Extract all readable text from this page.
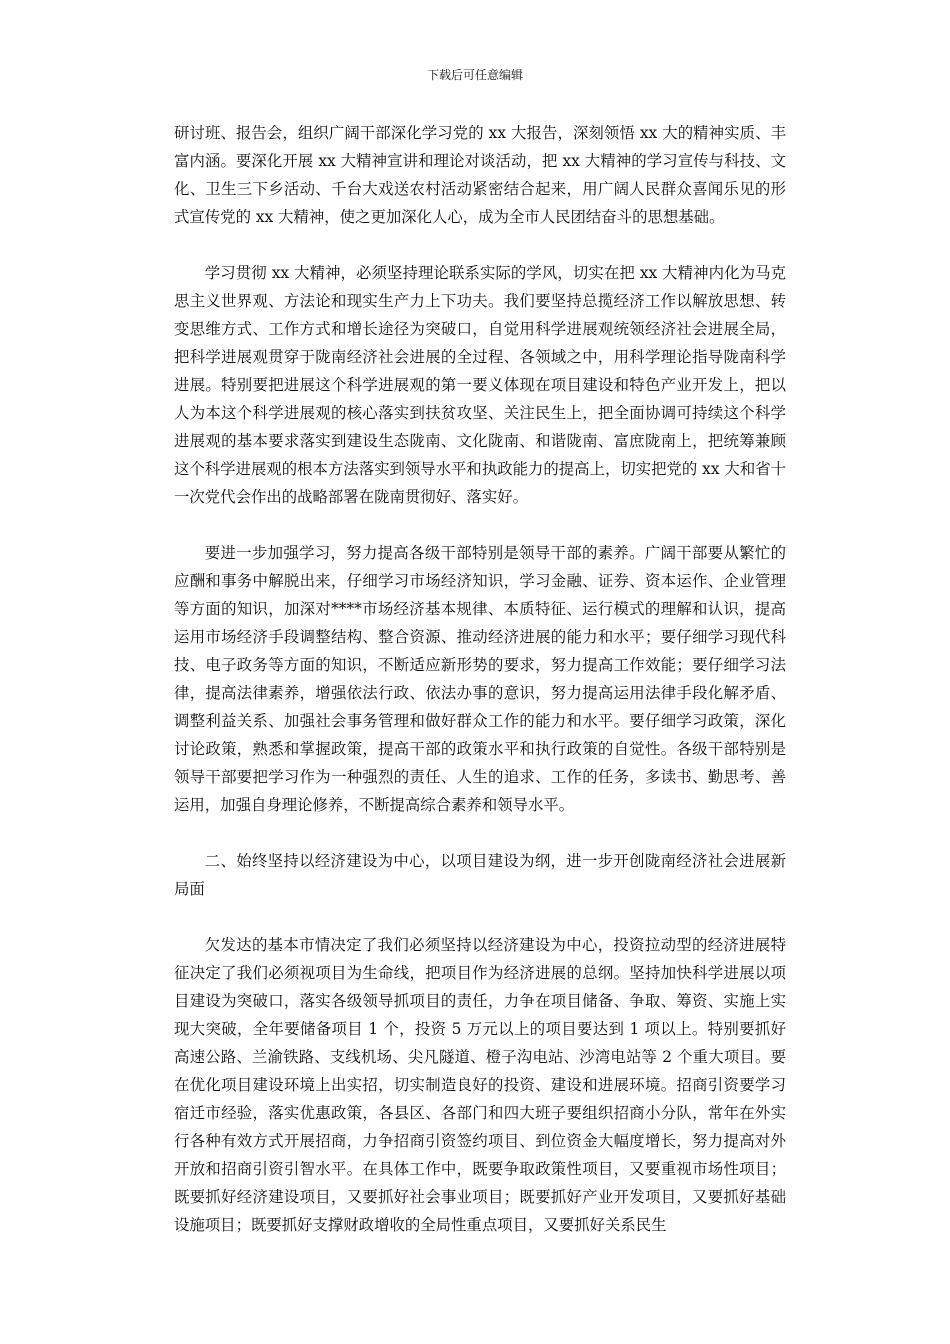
下载后可任意编辑

研讨班、报告会，组织广阔干部深化学习党的 xx 大报告，深刻领悟 xx 大的精神实质、丰富内涵。要深化开展 xx 大精神宣讲和理论对谈活动，把 xx 大精神的学习宣传与科技、文化、卫生三下乡活动、千台大戏送农村活动紧密结合起来，用广阔人民群众喜闻乐见的形式宣传党的 xx 大精神，使之更加深化人心，成为全市人民团结奋斗的思想基础。

学习贯彻 xx 大精神，必须坚持理论联系实际的学风，切实在把 xx 大精神内化为马克思主义世界观、方法论和现实生产力上下功夫。我们要坚持总揽经济工作以解放思想、转变思维方式、工作方式和增长途径为突破口，自觉用科学进展观统领经济社会进展全局，把科学进展观贯穿于陇南经济社会进展的全过程、各领域之中，用科学理论指导陇南科学进展。特别要把进展这个科学进展观的第一要义体现在项目建设和特色产业开发上，把以人为本这个科学进展观的核心落实到扶贫攻坚、关注民生上，把全面协调可持续这个科学进展观的基本要求落实到建设生态陇南、文化陇南、和谐陇南、富庶陇南上，把统筹兼顾这个科学进展观的根本方法落实到领导水平和执政能力的提高上，切实把党的 xx 大和省十一次党代会作出的战略部署在陇南贯彻好、落实好。

要进一步加强学习，努力提高各级干部特别是领导干部的素养。广阔干部要从繁忙的应酬和事务中解脱出来，仔细学习市场经济知识，学习金融、证券、资本运作、企业管理等方面的知识，加深对****市场经济基本规律、本质特征、运行模式的理解和认识，提高运用市场经济手段调整结构、整合资源、推动经济进展的能力和水平；要仔细学习现代科技、电子政务等方面的知识，不断适应新形势的要求，努力提高工作效能；要仔细学习法律，提高法律素养，增强依法行政、依法办事的意识，努力提高运用法律手段化解矛盾、调整利益关系、加强社会事务管理和做好群众工作的能力和水平。要仔细学习政策，深化讨论政策，熟悉和掌握政策，提高干部的政策水平和执行政策的自觉性。各级干部特别是领导干部要把学习作为一种强烈的责任、人生的追求、工作的任务，多读书、勤思考、善运用，加强自身理论修养，不断提高综合素养和领导水平。

二、始终坚持以经济建设为中心，以项目建设为纲，进一步开创陇南经济社会进展新局面

欠发达的基本市情决定了我们必须坚持以经济建设为中心，投资拉动型的经济进展特征决定了我们必须视项目为生命线，把项目作为经济进展的总纲。坚持加快科学进展以项目建设为突破口，落实各级领导抓项目的责任，力争在项目储备、争取、筹资、实施上实现大突破，全年要储备项目 1 个，投资 5 万元以上的项目要达到 1 项以上。特别要抓好高速公路、兰渝铁路、支线机场、尖凡隧道、橙子沟电站、沙湾电站等 2 个重大项目。要在优化项目建设环境上出实招，切实制造良好的投资、建设和进展环境。招商引资要学习宿迁市经验，落实优惠政策，各县区、各部门和四大班子要组织招商小分队，常年在外实行各种有效方式开展招商，力争招商引资签约项目、到位资金大幅度增长，努力提高对外开放和招商引资引智水平。在具体工作中，既要争取政策性项目，又要重视市场性项目；既要抓好经济建设项目，又要抓好社会事业项目；既要抓好产业开发项目，又要抓好基础设施项目；既要抓好支撑财政增收的全局性重点项目，又要抓好关系民生
